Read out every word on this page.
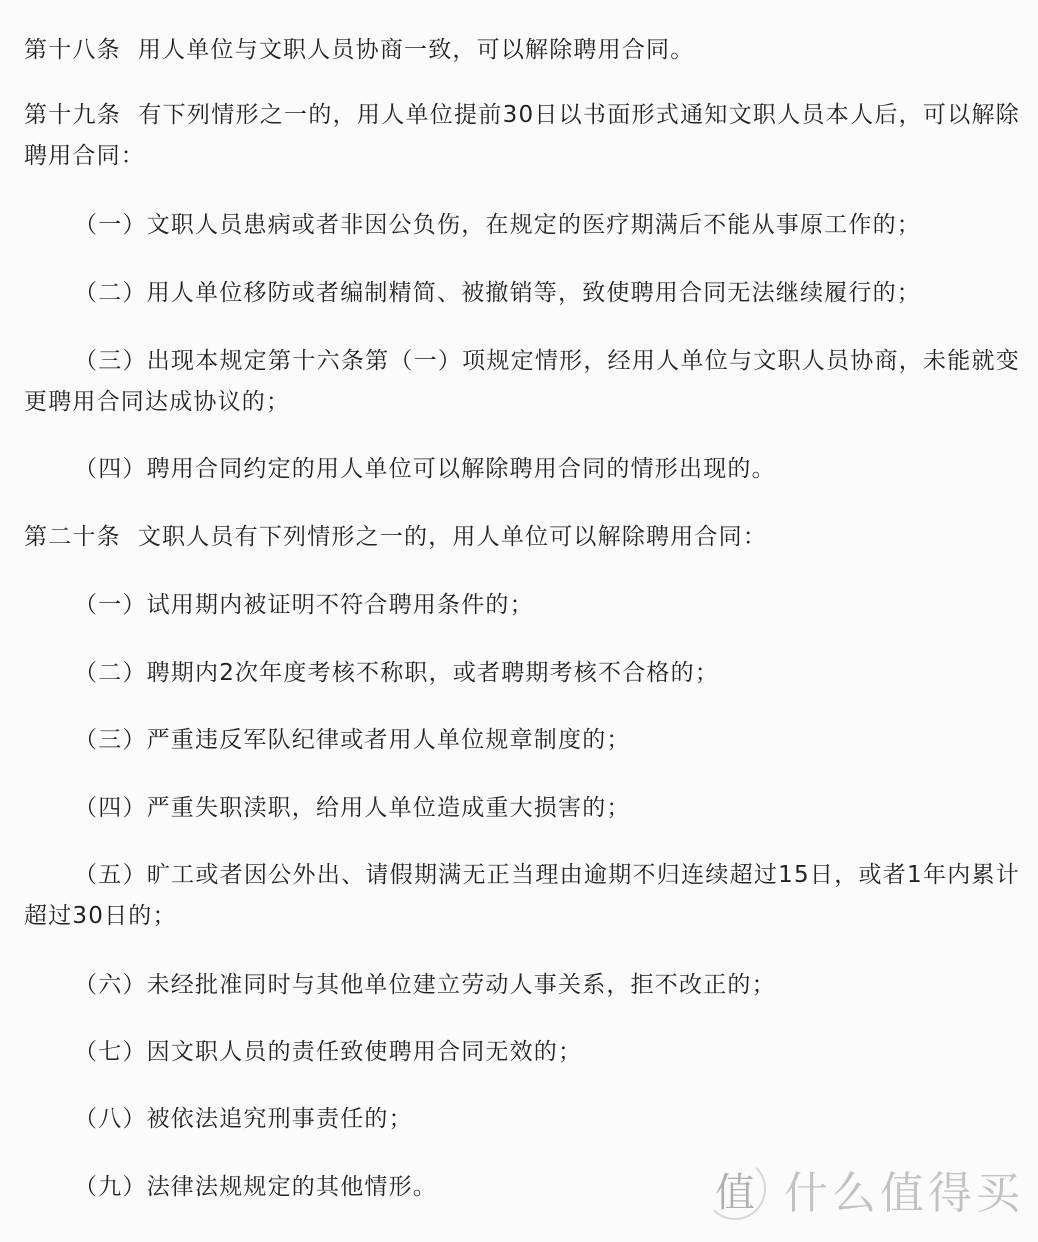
第十八条  用人单位与文职人员协商一致，可以解除聘用合同。

第十九条  有下列情形之一的，用人单位提前30日以书面形式通知文职人员本人后，可以解除聘用合同：

（一）文职人员患病或者非因公负伤，在规定的医疗期满后不能从事原工作的；

（二）用人单位移防或者编制精简、被撤销等，致使聘用合同无法继续履行的；

（三）出现本规定第十六条第（一）项规定情形，经用人单位与文职人员协商，未能就变更聘用合同达成协议的；

（四）聘用合同约定的用人单位可以解除聘用合同的情形出现的。

第二十条  文职人员有下列情形之一的，用人单位可以解除聘用合同：

（一）试用期内被证明不符合聘用条件的；

（二）聘期内2次年度考核不称职，或者聘期考核不合格的；

（三）严重违反军队纪律或者用人单位规章制度的；

（四）严重失职渎职，给用人单位造成重大损害的；

（五）旷工或者因公外出、请假期满无正当理由逾期不归连续超过15日，或者1年内累计超过30日的；

（六）未经批准同时与其他单位建立劳动人事关系，拒不改正的；

（七）因文职人员的责任致使聘用合同无效的；

（八）被依法追究刑事责任的；

（九）法律法规规定的其他情形。	值 什么值得买
